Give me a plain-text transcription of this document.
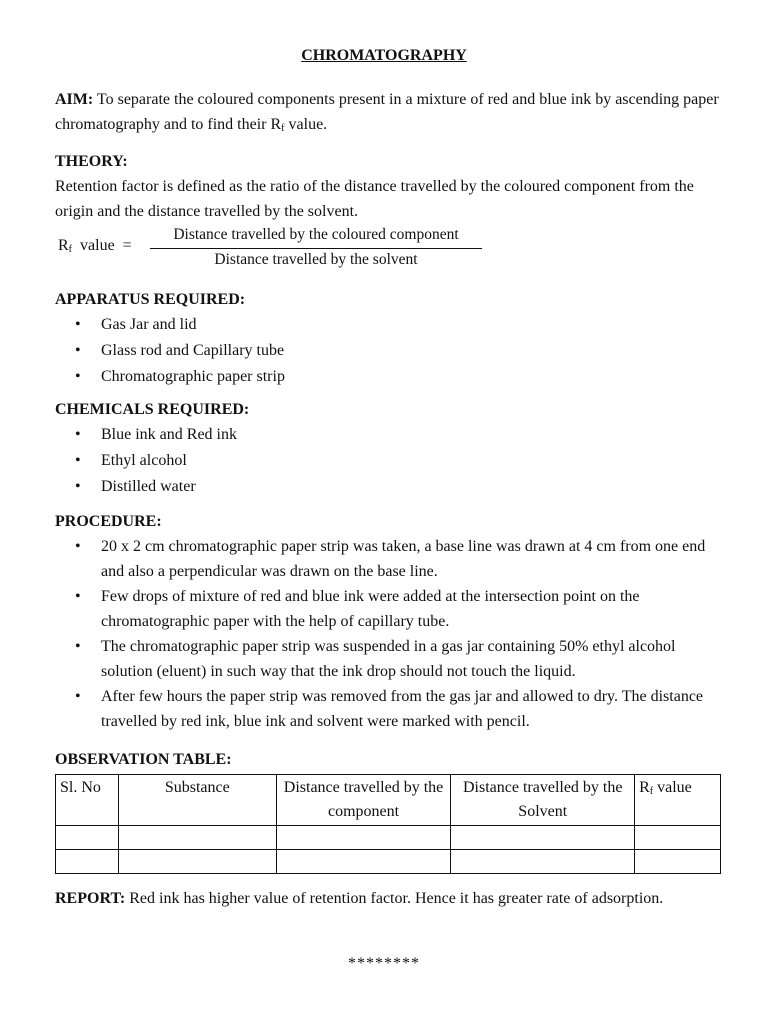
CHROMATOGRAPHY

AIM: To separate the coloured components present in a mixture of red and blue ink by ascending paper chromatography and to find their $R_f$ value.

THEORY:

Retention factor is defined as the ratio of the distance travelled by the coloured component from the origin and the distance travelled by the solvent.

$R_f$ value =
Distance travelled by the coloured component
Distance travelled by the solvent

APPARATUS REQUIRED:

• Gas Jar and lid
• Glass rod and Capillary tube
• Chromatographic paper strip

CHEMICALS REQUIRED:

• Blue ink and Red ink
• Ethyl alcohol
• Distilled water

PROCEDURE:

• 20 x 2 cm chromatographic paper strip was taken, a base line was drawn at 4 cm from one end and also a perpendicular was drawn on the base line.
• Few drops of mixture of red and blue ink were added at the intersection point on the chromatographic paper with the help of capillary tube.
• The chromatographic paper strip was suspended in a gas jar containing 50% ethyl alcohol solution (eluent) in such way that the ink drop should not touch the liquid.
• After few hours the paper strip was removed from the gas jar and allowed to dry. The distance travelled by red ink, blue ink and solvent were marked with pencil.

OBSERVATION TABLE:

Sl. No	Substance	Distance travelled by the component	Distance travelled by the Solvent	$R_f$ value

REPORT: Red ink has higher value of retention factor. Hence it has greater rate of adsorption.

********
